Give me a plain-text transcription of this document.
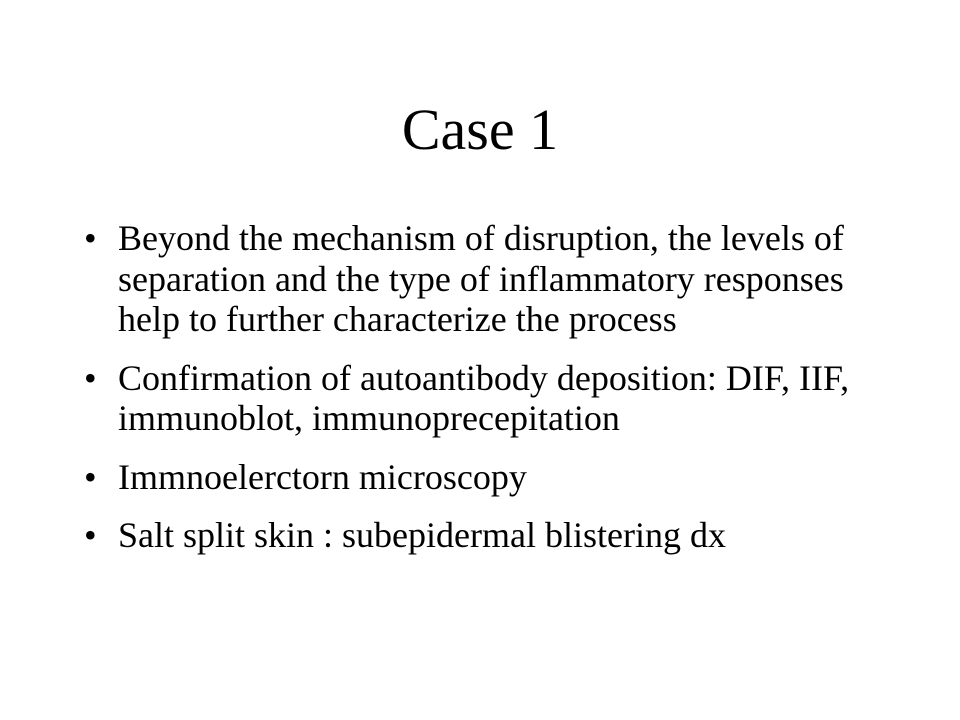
Case 1
• Beyond the mechanism of disruption, the levels of separation and the type of inflammatory responses help to further characterize the process
• Confirmation of autoantibody deposition: DIF, IIF, immunoblot, immunoprecepitation
• Immnoelerctorn microscopy
• Salt split skin : subepidermal blistering dx
